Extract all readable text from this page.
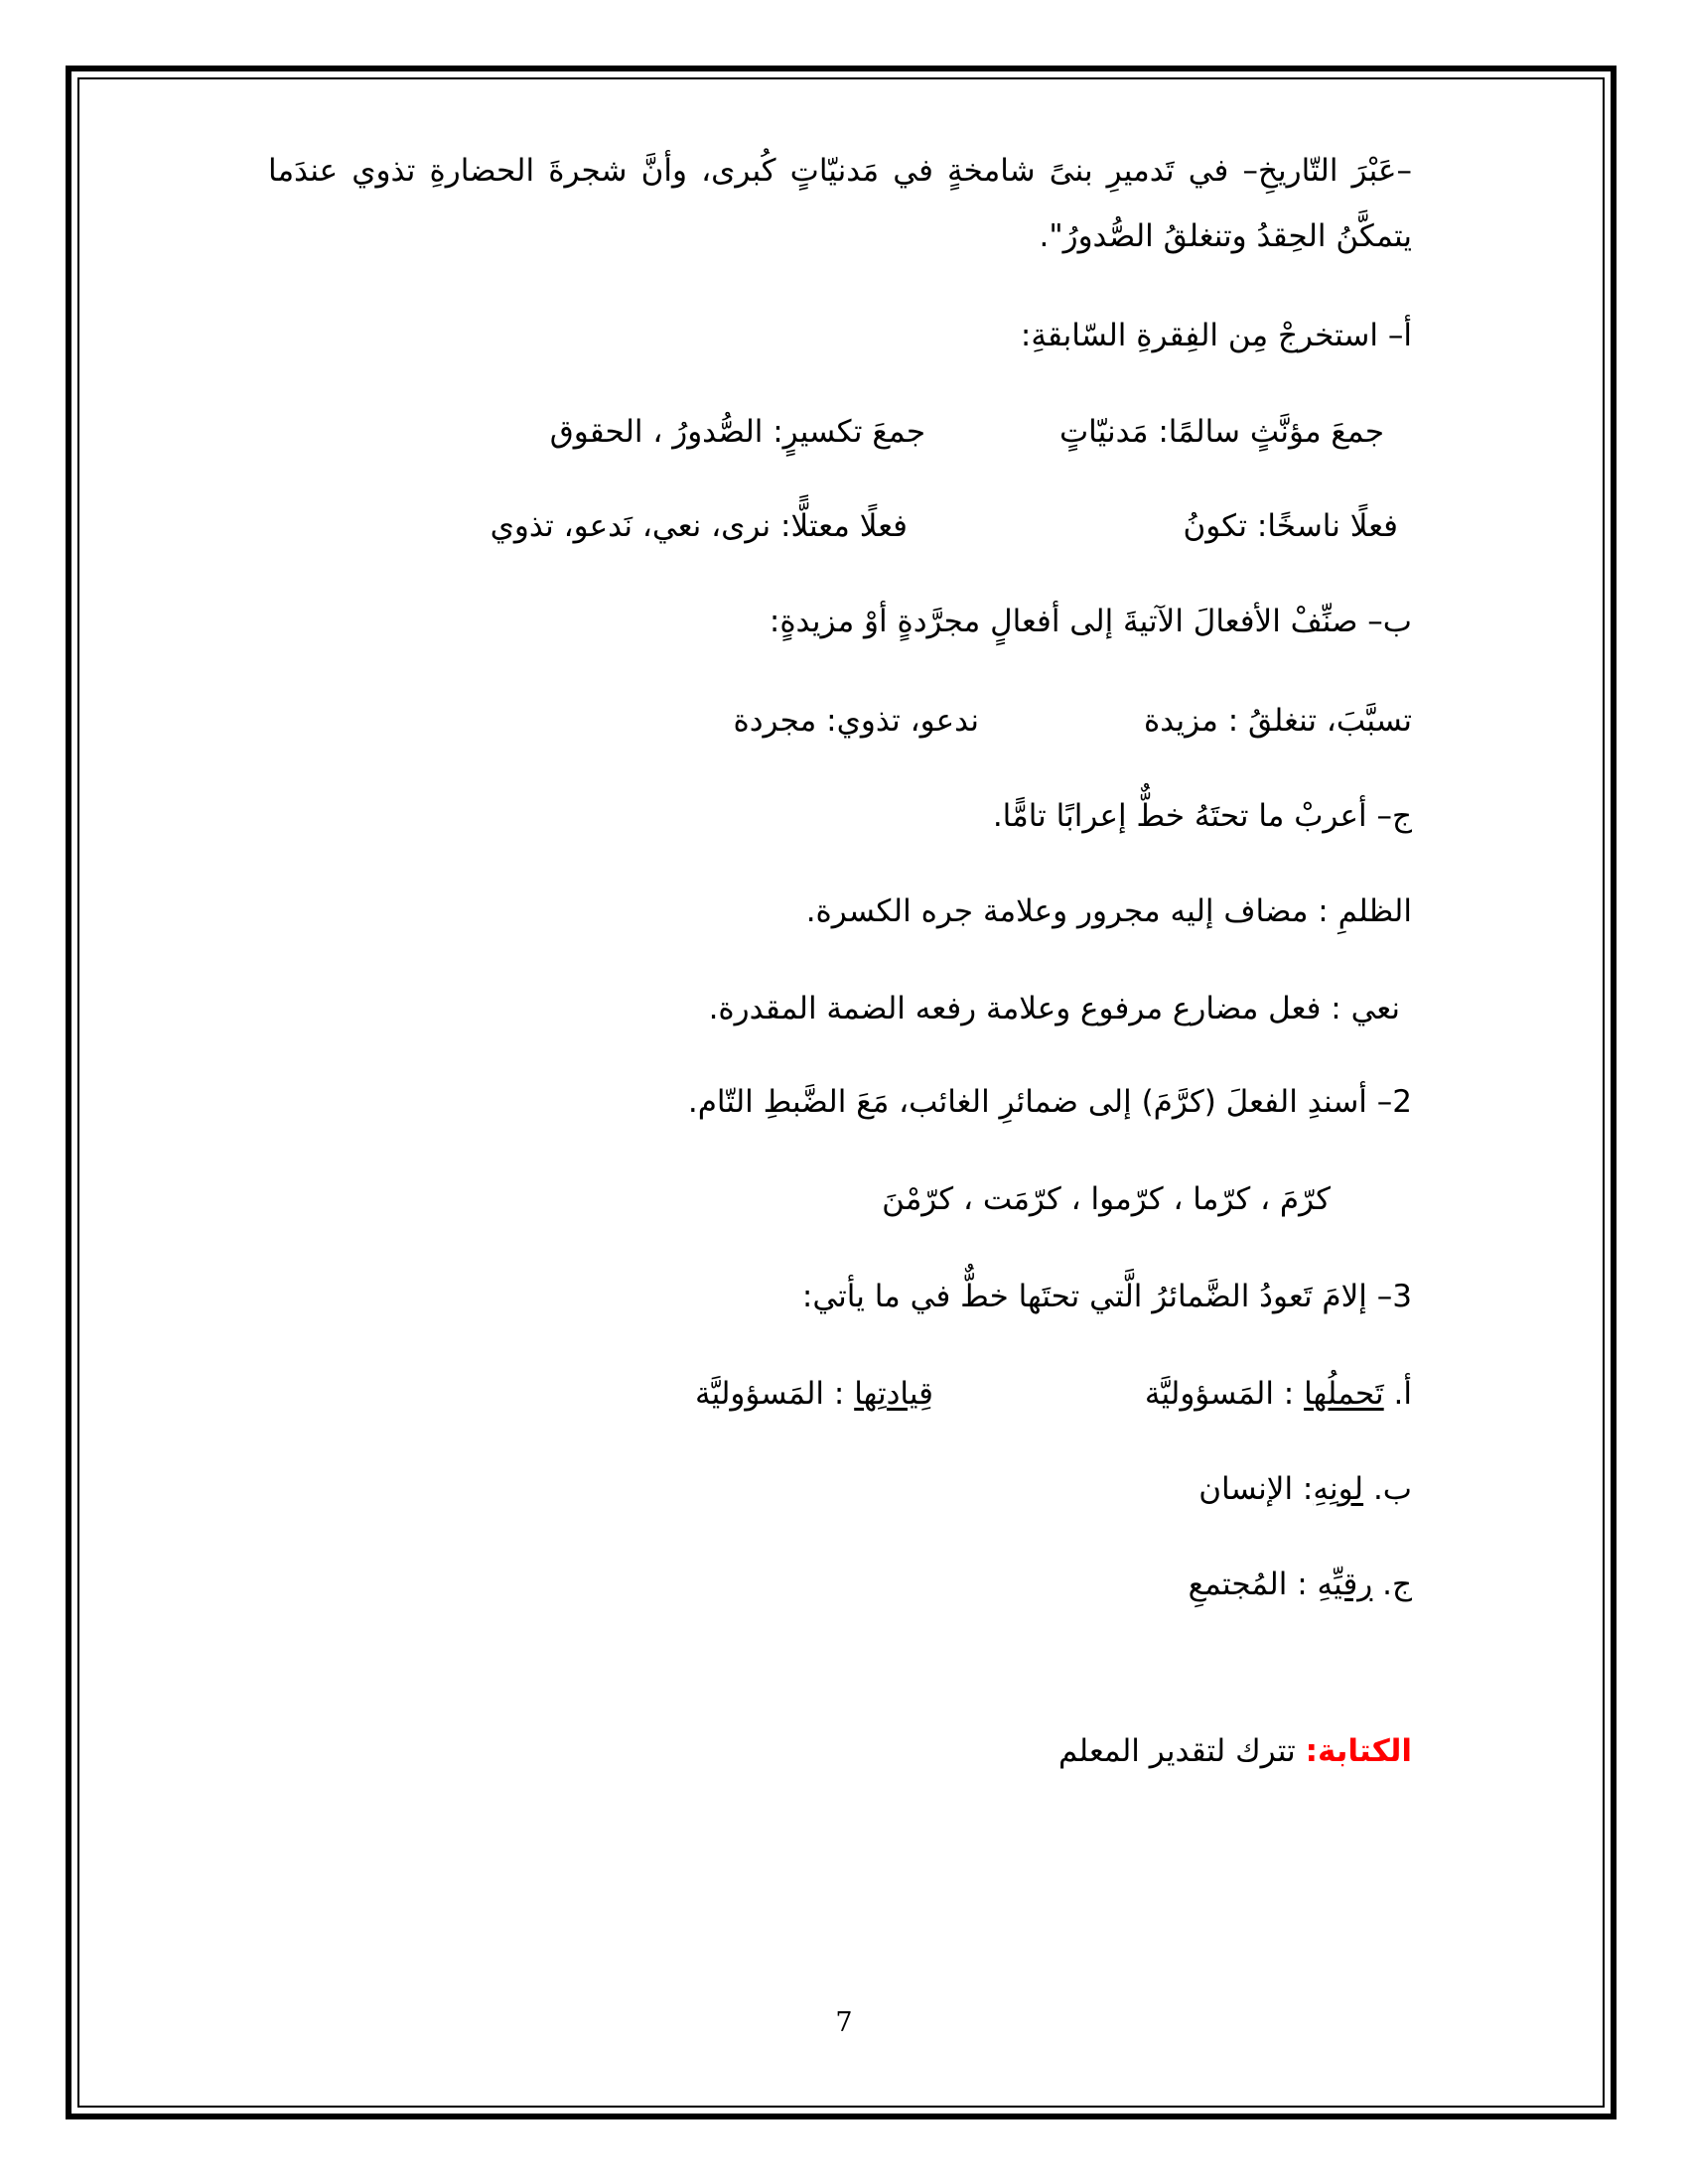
–عَبْرَ التّاريخِ– في تَدميرِ بنىً شامخةٍ في مَدنيّاتٍ كُبرى، وأنَّ شجرةَ الحضارةِ تذوي عندَما
يتمكَّنُ الحِقدُ وتنغلقُ الصُّدورُ".
أ– استخرجْ مِن الفِقرةِ السّابقةِ:
جمعَ مؤنَّثٍ سالمًا: مَدنيّاتٍ
جمعَ تكسيرٍ: الصُّدورُ ، الحقوق
فعلًا ناسخًا: تكونُ
فعلًا معتلًّا: نرى، نعي، نَدعو، تذوي
ب– صنِّفْ الأفعالَ الآتيةَ إلى أفعالٍ مجرَّدةٍ أوْ مزيدةٍ:
تسبَّبَ، تنغلقُ : مزيدة
ندعو، تذوي: مجردة
ج– أعربْ ما تحتَهُ خطٌّ إعرابًا تامًّا.
الظلمِ : مضاف إليه مجرور وعلامة جره الكسرة.
نعي : فعل مضارع مرفوع وعلامة رفعه الضمة المقدرة.
2– أسندِ الفعلَ (كرَّمَ) إلى ضمائرِ الغائب، مَعَ الضَّبطِ التّام.
كرّمَ ، كرّما ، كرّموا ، كرّمَت ، كرّمْنَ
3– إلامَ تَعودُ الضَّمائرُ الَّتي تحتَها خطٌّ في ما يأتي:
أ. تَحملُها : المَسؤوليَّة
قِيادتِها : المَسؤوليَّة
ب. لونِهِ: الإنسان
ج. رقيِّهِ : المُجتمعِ
الكتابة: تترك لتقدير المعلم
7
